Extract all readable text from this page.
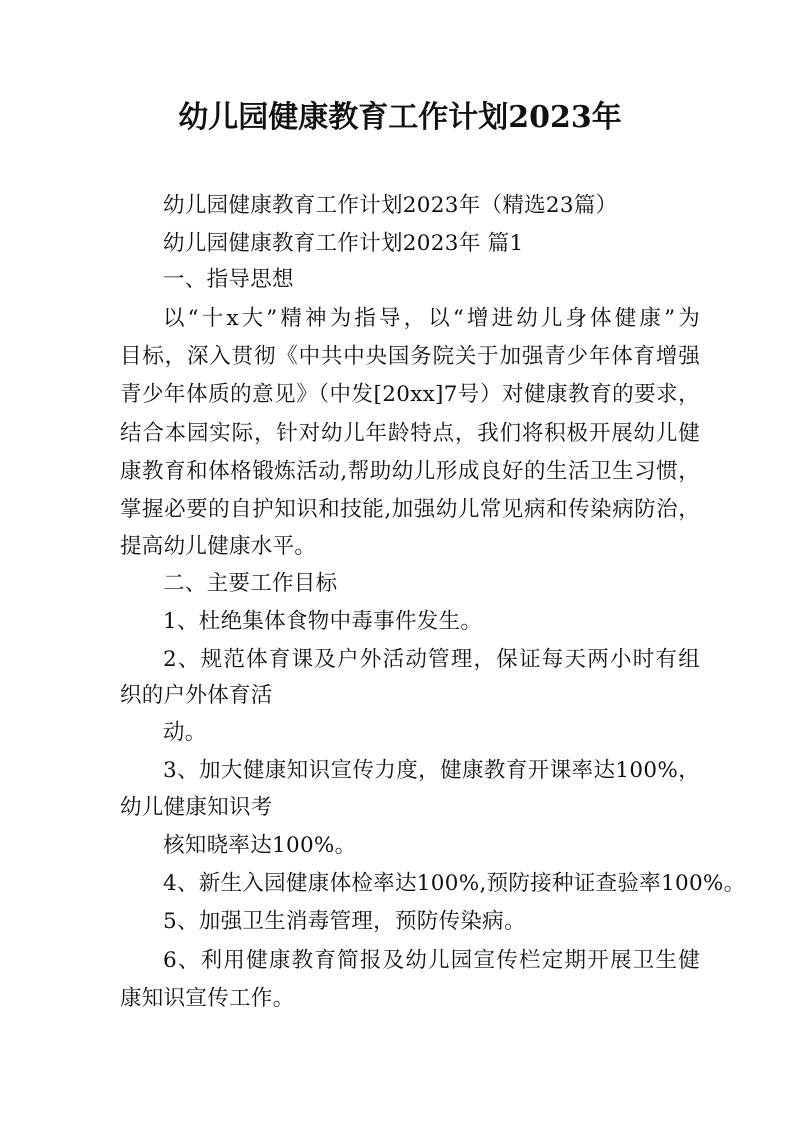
幼儿园健康教育工作计划2023年
幼儿园健康教育工作计划2023年（精选23篇）
幼儿园健康教育工作计划2023年 篇1
一、指导思想
以“十x大”精神为指导，以“增进幼儿身体健康”为
目标，深入贯彻《中共中央国务院关于加强青少年体育增强
青少年体质的意见》（中发[20xx]7号）对健康教育的要求，
结合本园实际，针对幼儿年龄特点，我们将积极开展幼儿健
康教育和体格锻炼活动,帮助幼儿形成良好的生活卫生习惯，
掌握必要的自护知识和技能,加强幼儿常见病和传染病防治，
提高幼儿健康水平。
二、主要工作目标
1、杜绝集体食物中毒事件发生。
2、规范体育课及户外活动管理，保证每天两小时有组
织的户外体育活
动。
3、加大健康知识宣传力度，健康教育开课率达100%，
幼儿健康知识考
核知晓率达100%。
4、新生入园健康体检率达100%,预防接种证查验率100%。
5、加强卫生消毒管理，预防传染病。
6、利用健康教育简报及幼儿园宣传栏定期开展卫生健
康知识宣传工作。
